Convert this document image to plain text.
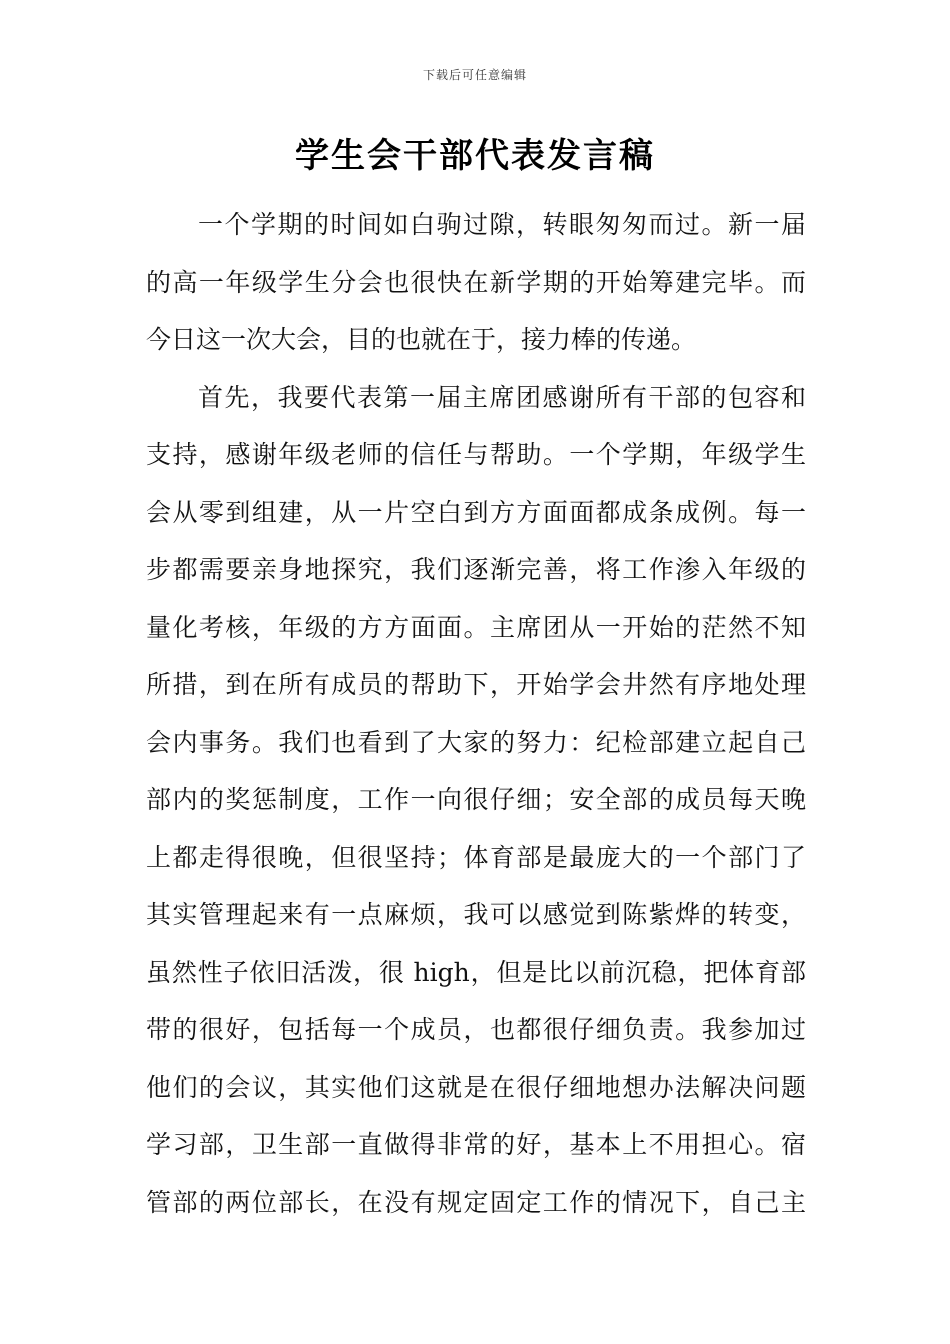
下载后可任意编辑
学生会干部代表发言稿
一个学期的时间如白驹过隙，转眼匆匆而过。新一届
的高一年级学生分会也很快在新学期的开始筹建完毕。而
今日这一次大会，目的也就在于，接力棒的传递。
首先，我要代表第一届主席团感谢所有干部的包容和
支持，感谢年级老师的信任与帮助。一个学期，年级学生
会从零到组建，从一片空白到方方面面都成条成例。每一
步都需要亲身地探究，我们逐渐完善，将工作渗入年级的
量化考核，年级的方方面面。主席团从一开始的茫然不知
所措，到在所有成员的帮助下，开始学会井然有序地处理
会内事务。我们也看到了大家的努力：纪检部建立起自己
部内的奖惩制度，工作一向很仔细；安全部的成员每天晚
上都走得很晚，但很坚持；体育部是最庞大的一个部门了
其实管理起来有一点麻烦，我可以感觉到陈紫烨的转变，
虽然性子依旧活泼，很 high，但是比以前沉稳，把体育部
带的很好，包括每一个成员，也都很仔细负责。我参加过
他们的会议，其实他们这就是在很仔细地想办法解决问题
学习部，卫生部一直做得非常的好，基本上不用担心。宿
管部的两位部长，在没有规定固定工作的情况下，自己主
